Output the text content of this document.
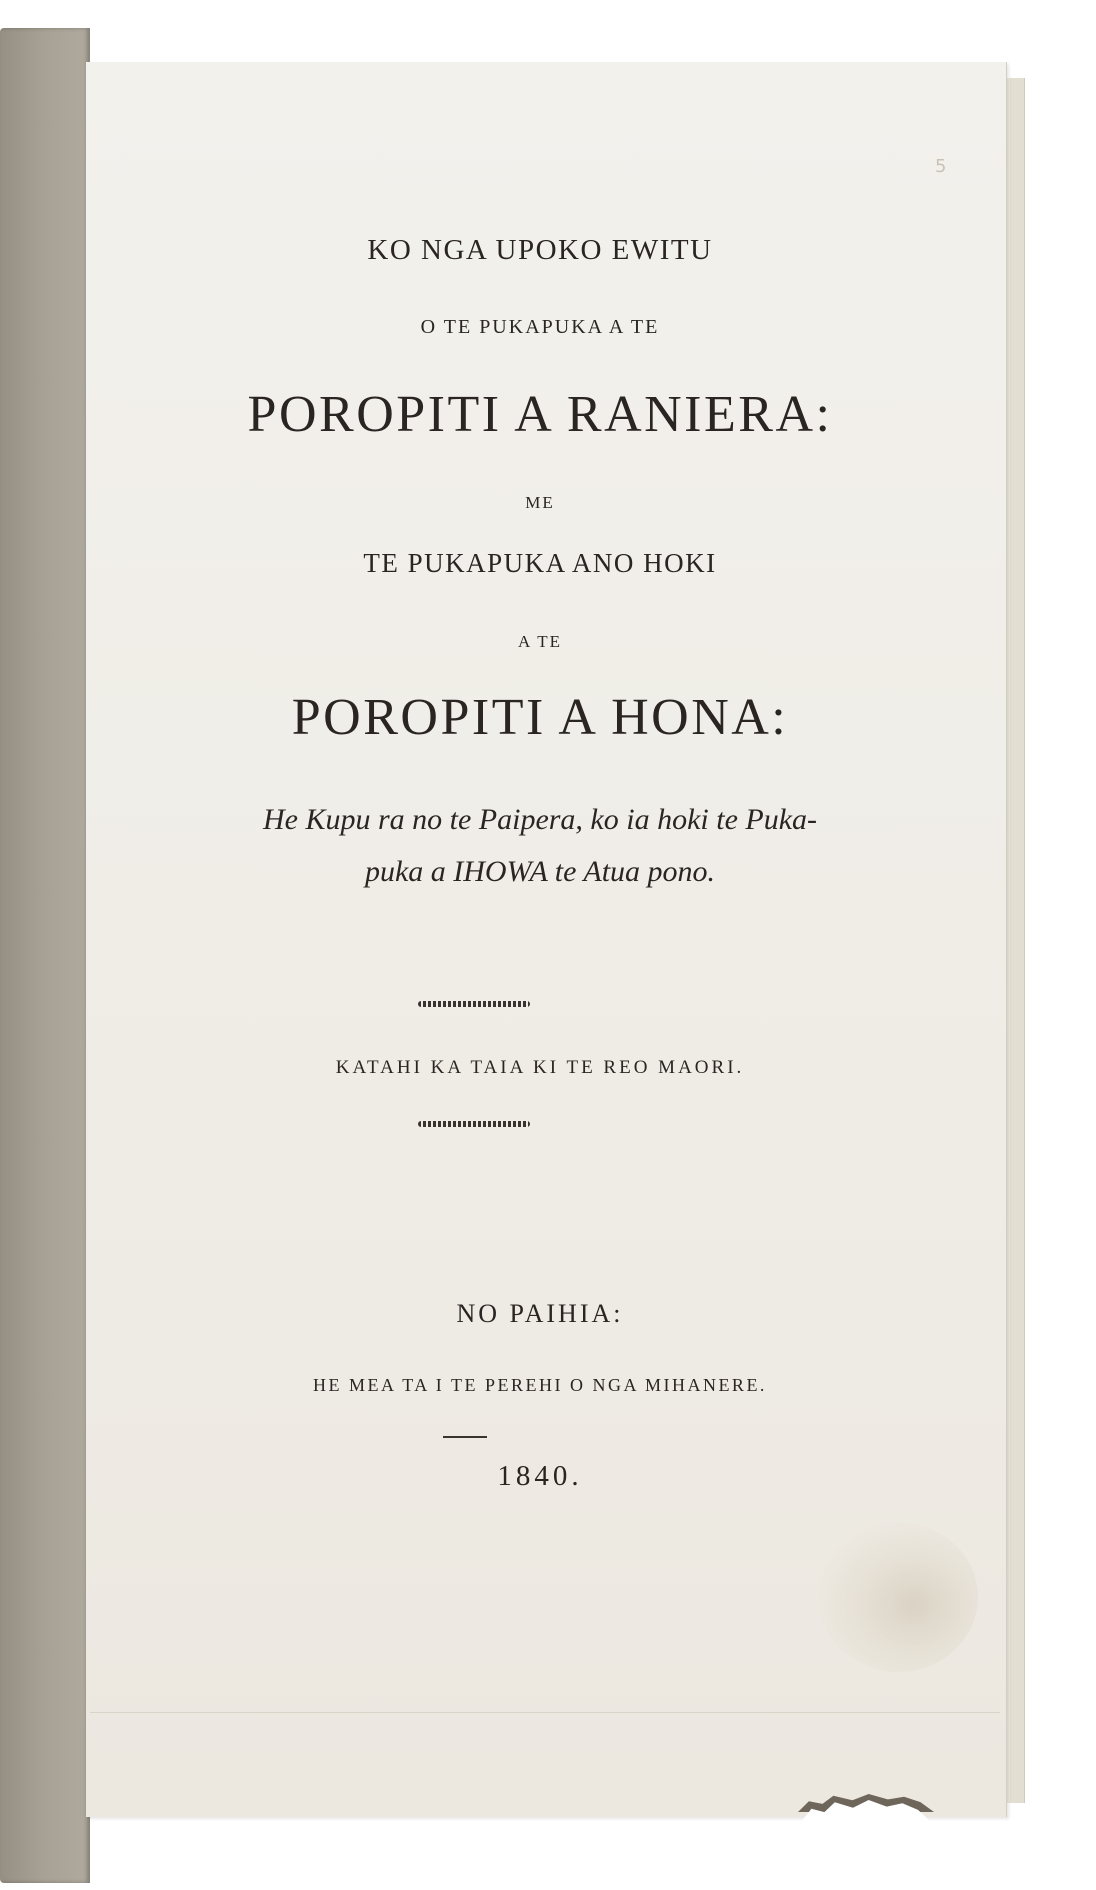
5
KO NGA UPOKO EWITU
O TE PUKAPUKA A TE
POROPITI A RANIERA:
ME
TE PUKAPUKA ANO HOKI
A TE
POROPITI A HONA:
He Kupu ra no te Paipera, ko ia hoki te Puka-
puka a IHOWA te Atua pono.
KATAHI KA TAIA KI TE REO MAORI.
NO PAIHIA:
HE MEA TA I TE PEREHI O NGA MIHANERE.
1840.
